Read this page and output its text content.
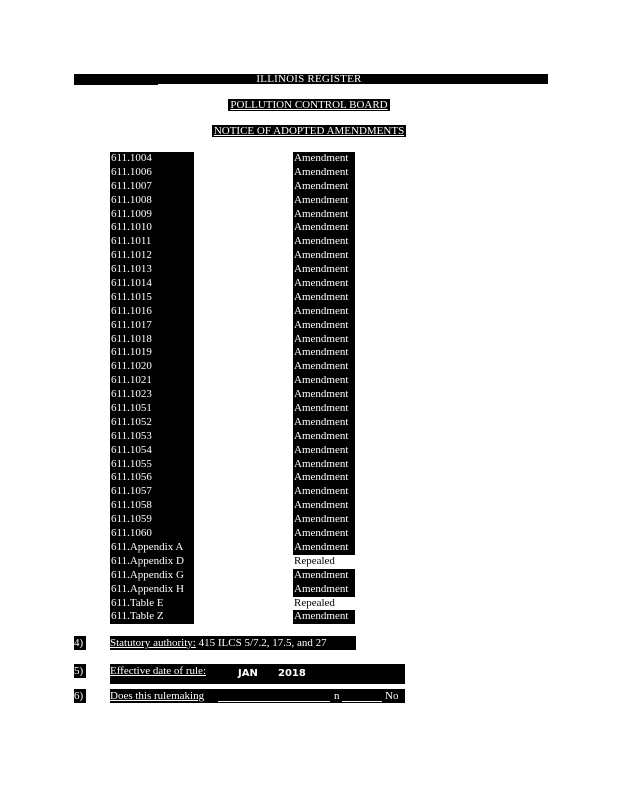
ILLINOIS REGISTER
POLLUTION CONTROL BOARD
NOTICE OF ADOPTED AMENDMENTS
611.1004	Amendment
611.1006	Amendment
611.1007	Amendment
611.1008	Amendment
611.1009	Amendment
611.1010	Amendment
611.1011	Amendment
611.1012	Amendment
611.1013	Amendment
611.1014	Amendment
611.1015	Amendment
611.1016	Amendment
611.1017	Amendment
611.1018	Amendment
611.1019	Amendment
611.1020	Amendment
611.1021	Amendment
611.1023	Amendment
611.1051	Amendment
611.1052	Amendment
611.1053	Amendment
611.1054	Amendment
611.1055	Amendment
611.1056	Amendment
611.1057	Amendment
611.1058	Amendment
611.1059	Amendment
611.1060	Amendment
611.Appendix A	Amendment
611.Appendix D	Repealed
611.Appendix G	Amendment
611.Appendix H	Amendment
611.Table E	Repealed
611.Table Z	Amendment
4) Statutory authority: 415 ILCS 5/7.2, 17.5, and 27
5) Effective date of rule:	JAN 2018
6) Does this rulemaking	n	No
